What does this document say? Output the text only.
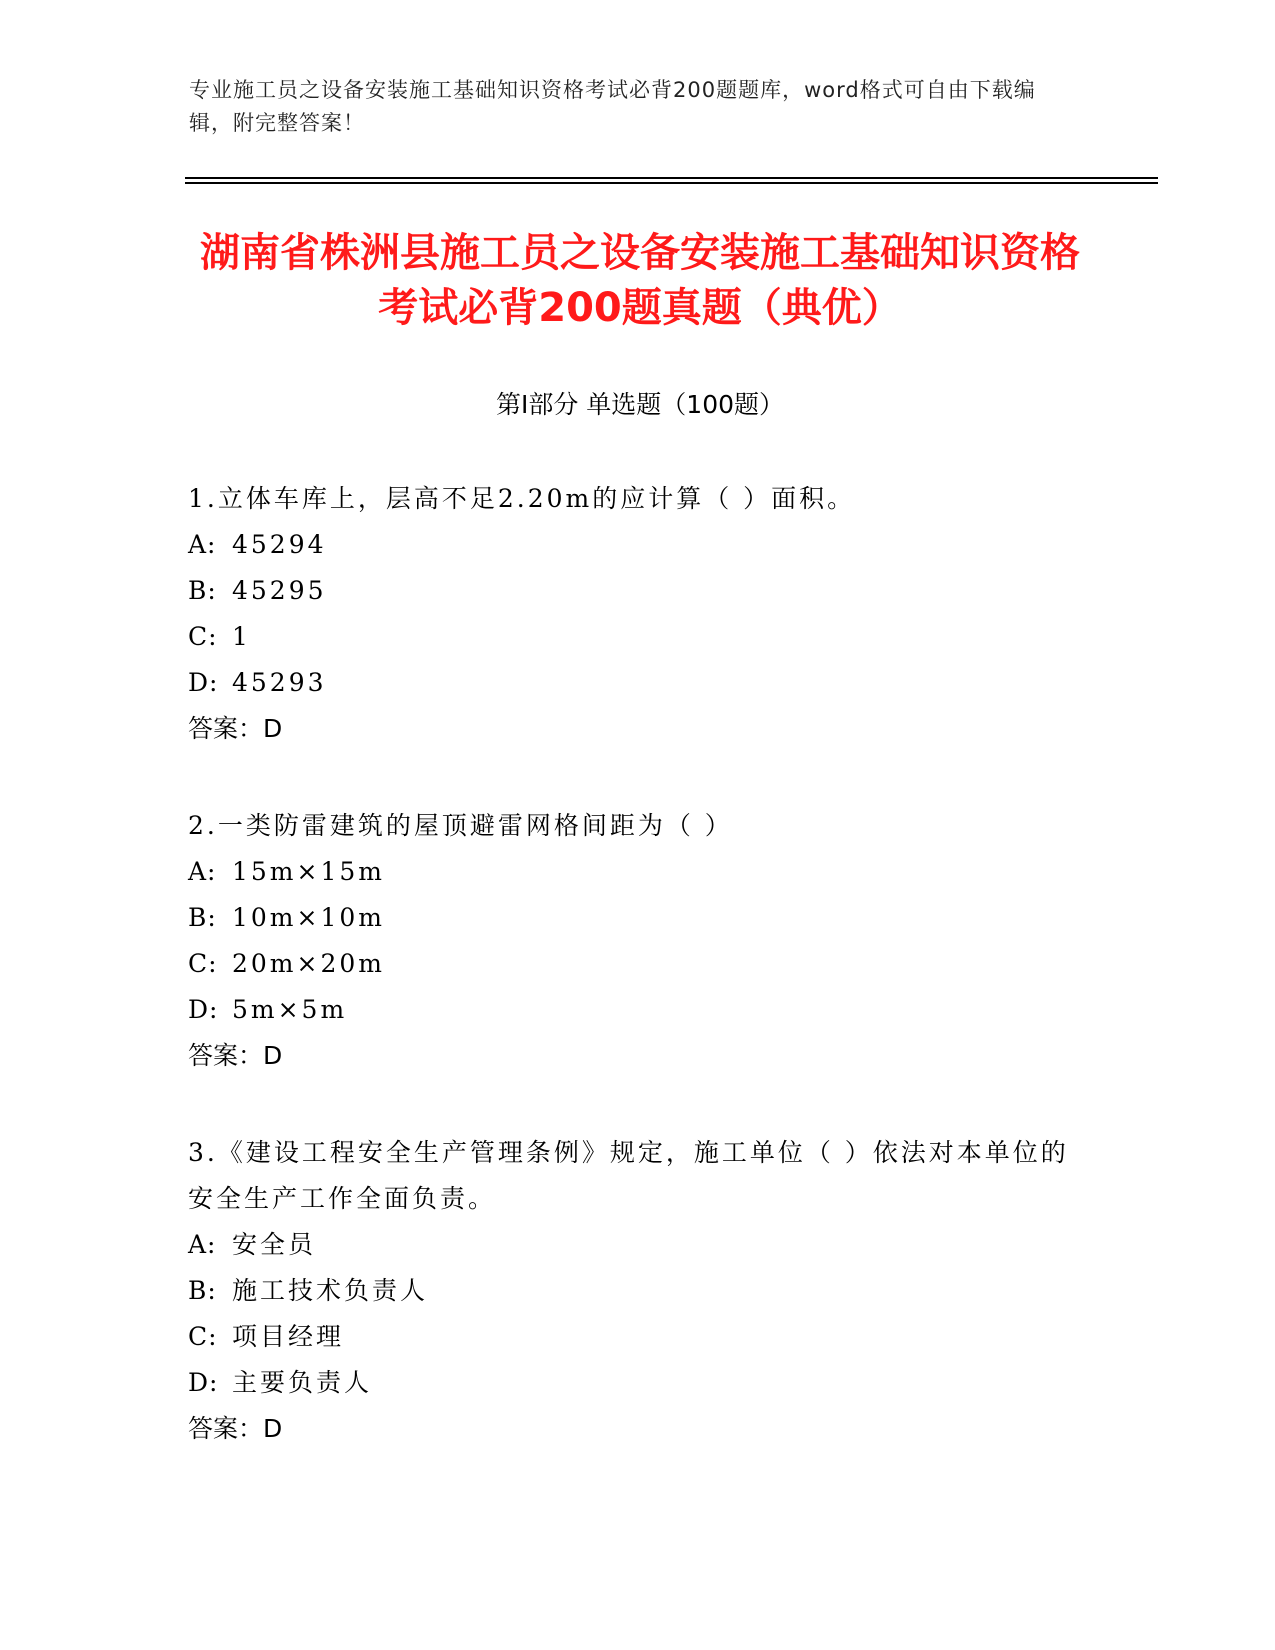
专业施工员之设备安装施工基础知识资格考试必背200题题库，word格式可自由下载编辑，附完整答案！
湖南省株洲县施工员之设备安装施工基础知识资格考试必背200题真题（典优）
第Ⅰ部分 单选题（100题）
1.立体车库上，层高不足2.20m的应计算（ ）面积。
A: 45294
B: 45295
C: 1
D: 45293
答案：D
2.一类防雷建筑的屋顶避雷网格间距为（ ）
A: 15m×15m
B: 10m×10m
C: 20m×20m
D: 5m×5m
答案：D
3.《建设工程安全生产管理条例》规定，施工单位（ ）依法对本单位的安全生产工作全面负责。
A: 安全员
B: 施工技术负责人
C: 项目经理
D: 主要负责人
答案：D
